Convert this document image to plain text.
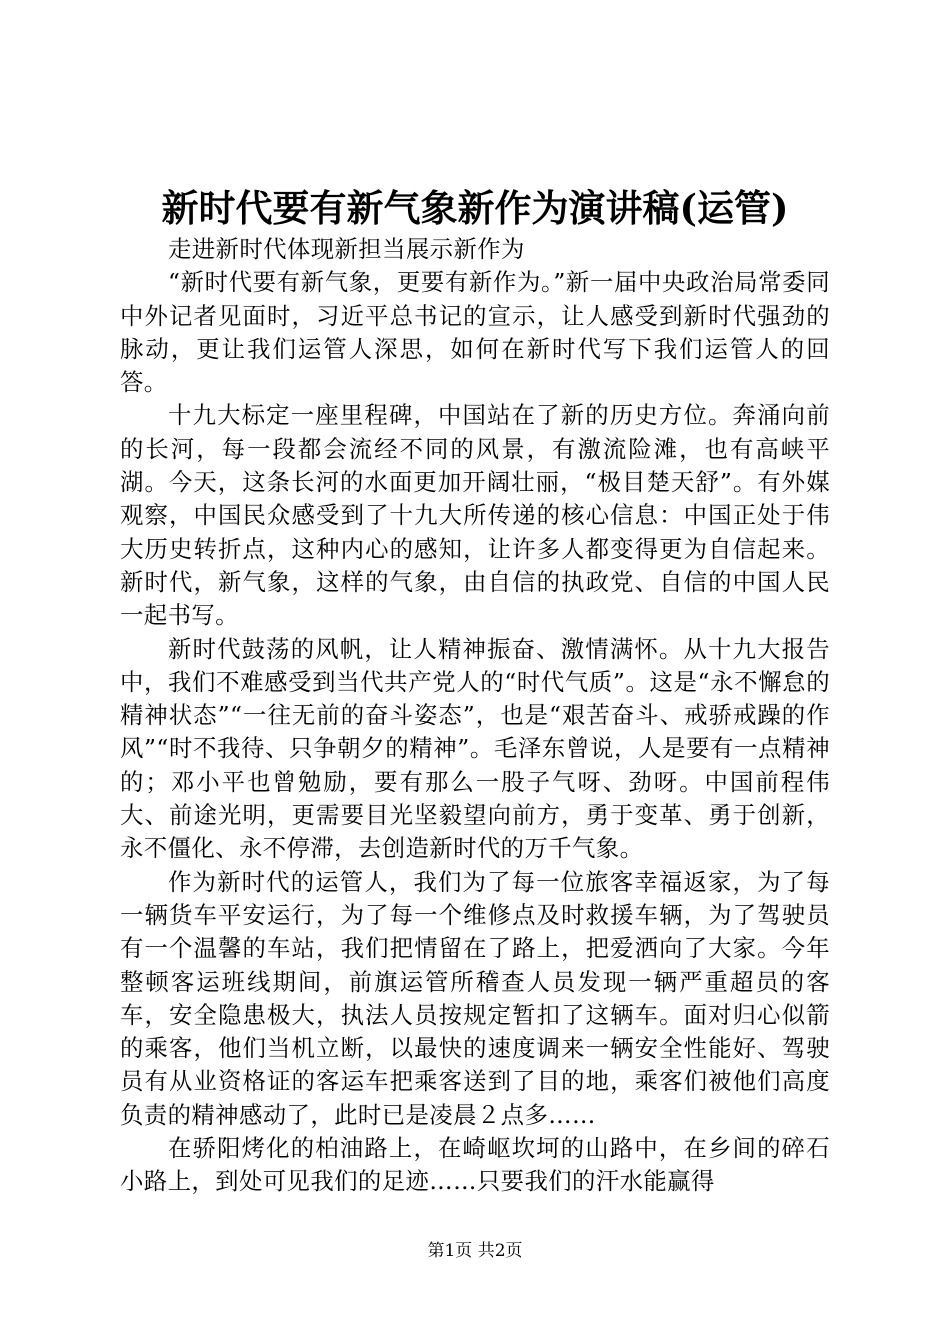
新时代要有新气象新作为演讲稿(运管)

走进新时代体现新担当展示新作为

“新时代要有新气象，更要有新作为。”新一届中央政治局常委同中外记者见面时，习近平总书记的宣示，让人感受到新时代强劲的脉动，更让我们运管人深思，如何在新时代写下我们运管人的回答。

十九大标定一座里程碑，中国站在了新的历史方位。奔涌向前的长河，每一段都会流经不同的风景，有激流险滩，也有高峡平湖。今天，这条长河的水面更加开阔壮丽，“极目楚天舒”。有外媒观察，中国民众感受到了十九大所传递的核心信息：中国正处于伟大历史转折点，这种内心的感知，让许多人都变得更为自信起来。新时代，新气象，这样的气象，由自信的执政党、自信的中国人民一起书写。

新时代鼓荡的风帆，让人精神振奋、激情满怀。从十九大报告中，我们不难感受到当代共产党人的“时代气质”。这是“永不懈怠的精神状态”“一往无前的奋斗姿态”，也是“艰苦奋斗、戒骄戒躁的作风”“时不我待、只争朝夕的精神”。毛泽东曾说，人是要有一点精神的；邓小平也曾勉励，要有那么一股子气呀、劲呀。中国前程伟大、前途光明，更需要目光坚毅望向前方，勇于变革、勇于创新，永不僵化、永不停滞，去创造新时代的万千气象。

作为新时代的运管人，我们为了每一位旅客幸福返家，为了每一辆货车平安运行，为了每一个维修点及时救援车辆，为了驾驶员有一个温馨的车站，我们把情留在了路上，把爱洒向了大家。今年整顿客运班线期间，前旗运管所稽查人员发现一辆严重超员的客车，安全隐患极大，执法人员按规定暂扣了这辆车。面对归心似箭的乘客，他们当机立断，以最快的速度调来一辆安全性能好、驾驶员有从业资格证的客运车把乘客送到了目的地，乘客们被他们高度负责的精神感动了，此时已是凌晨２点多……

在骄阳烤化的柏油路上，在崎岖坎坷的山路中，在乡间的碎石小路上，到处可见我们的足迹……只要我们的汗水能赢得

第1页 共2页
